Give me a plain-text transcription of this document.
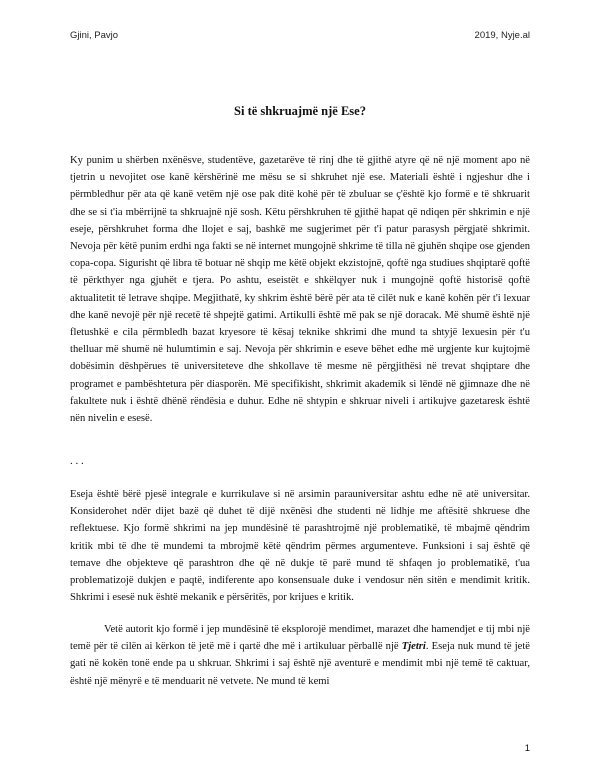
Gjini, Pavjo	2019, Nyje.al
Si të shkruajmë një Ese?

Ky punim u shërben nxënësve, studentëve, gazetarëve të rinj dhe të gjithë atyre që në një moment apo në tjetrin u nevojitet ose kanë kërshërinë me mësu se si shkruhet një ese. Materiali është i ngjeshur dhe i përmbledhur për ata që kanë vetëm një ose pak ditë kohë për të zbuluar se ç'është kjo formë e të shkruarit dhe se si t'ia mbërrijnë ta shkruajnë një sosh. Këtu përshkruhen të gjithë hapat që ndiqen për shkrimin e një eseje, përshkruhet forma dhe llojet e saj, bashkë me sugjerimet për t'i patur parasysh përgjatë shkrimit. Nevoja për këtë punim erdhi nga fakti se në internet mungojnë shkrime të tilla në gjuhën shqipe ose gjenden copa-copa. Sigurisht që libra të botuar në shqip me këtë objekt ekzistojnë, qoftë nga studiues shqiptarë qoftë të përkthyer nga gjuhët e tjera. Po ashtu, eseistët e shkëlqyer nuk i mungojnë qoftë historisë qoftë aktualitetit të letrave shqipe. Megjithatë, ky shkrim është bërë për ata të cilët nuk e kanë kohën për t'i lexuar dhe kanë nevojë për një recetë të shpejtë gatimi. Artikulli është më pak se një doracak. Më shumë është një fletushkë e cila përmbledh bazat kryesore të kësaj teknike shkrimi dhe mund ta shtyjë lexuesin për t'u thelluar më shumë në hulumtimin e saj. Nevoja për shkrimin e eseve bëhet edhe më urgjente kur kujtojmë dobësimin dëshpërues të universiteteve dhe shkollave të mesme në përgjithësi në trevat shqiptare dhe programet e pambështetura për diasporën. Më specifikisht, shkrimit akademik si lëndë në gjimnaze dhe në fakultete nuk i është dhënë rëndësia e duhur. Edhe në shtypin e shkruar niveli i artikujve gazetaresk është nën nivelin e esesë.

. . .

Eseja është bërë pjesë integrale e kurrikulave si në arsimin parauniversitar ashtu edhe në atë universitar. Konsiderohet ndër dijet bazë që duhet të dijë nxënësi dhe studenti në lidhje me aftësitë shkruese dhe reflektuese. Kjo formë shkrimi na jep mundësinë të parashtrojmë një problematikë, të mbajmë qëndrim kritik mbi të dhe të mundemi ta mbrojmë këtë qëndrim përmes argumenteve. Funksioni i saj është që temave dhe objekteve që parashtron dhe që në dukje të parë mund të shfaqen jo problematikë, t'ua problematizojë dukjen e paqtë, indiferente apo konsensuale duke i vendosur nën sitën e mendimit kritik. Shkrimi i esesë nuk është mekanik e përsëritës, por krijues e kritik.

Vetë autorit kjo formë i jep mundësinë të eksplorojë mendimet, marazet dhe hamendjet e tij mbi një temë për të cilën ai kërkon të jetë më i qartë dhe më i artikuluar përballë një Tjetri. Eseja nuk mund të jetë gati në kokën tonë ende pa u shkruar. Shkrimi i saj është një aventurë e mendimit mbi një temë të caktuar, është një mënyrë e të menduarit në vetvete. Ne mund të kemi

1
